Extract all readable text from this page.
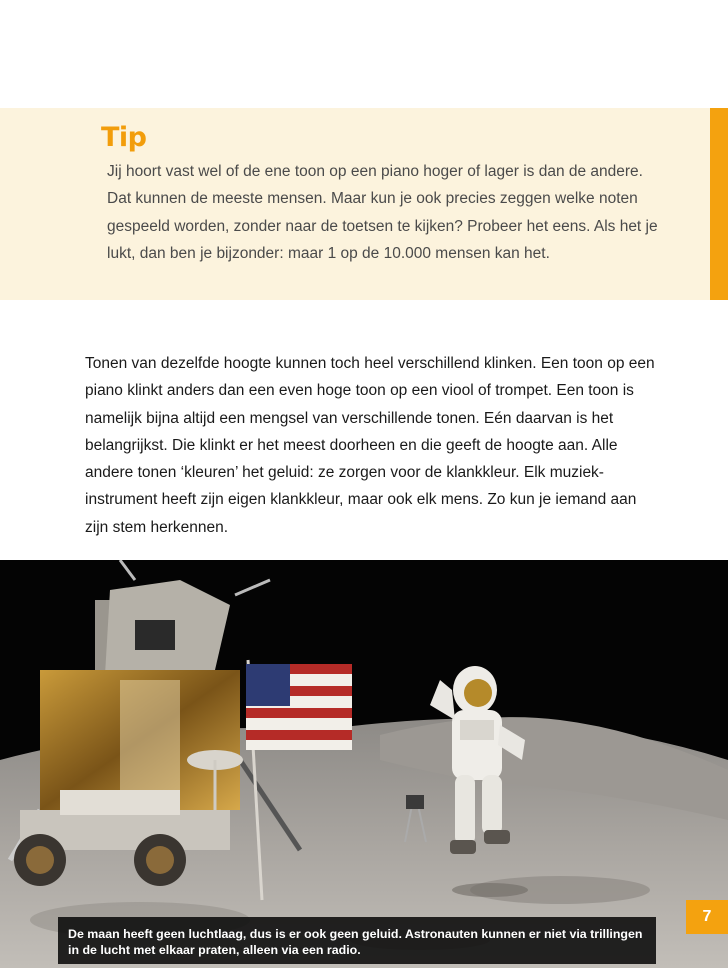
Tip

Jij hoort vast wel of de ene toon op een piano hoger of lager is dan de andere. Dat kunnen de meeste mensen. Maar kun je ook precies zeggen welke noten gespeeld worden, zonder naar de toetsen te kijken? Probeer het eens. Als het je lukt, dan ben je bijzonder: maar 1 op de 10.000 mensen kan het.

Tonen van dezelfde hoogte kunnen toch heel verschillend klinken. Een toon op een piano klinkt anders dan een even hoge toon op een viool of trompet. Een toon is namelijk bijna altijd een mengsel van verschillende tonen. Eén daarvan is het belangrijkst. Die klinkt er het meest doorheen en die geeft de hoogte aan. Alle andere tonen ‘kleuren’ het geluid: ze zorgen voor de klankkleur. Elk muziek-instrument heeft zijn eigen klankkleur, maar ook elk mens. Zo kun je iemand aan zijn stem herkennen.

De maan heeft geen luchtlaag, dus is er ook geen geluid. Astronauten kunnen er niet via trillingen in de lucht met elkaar praten, alleen via een radio.
7
